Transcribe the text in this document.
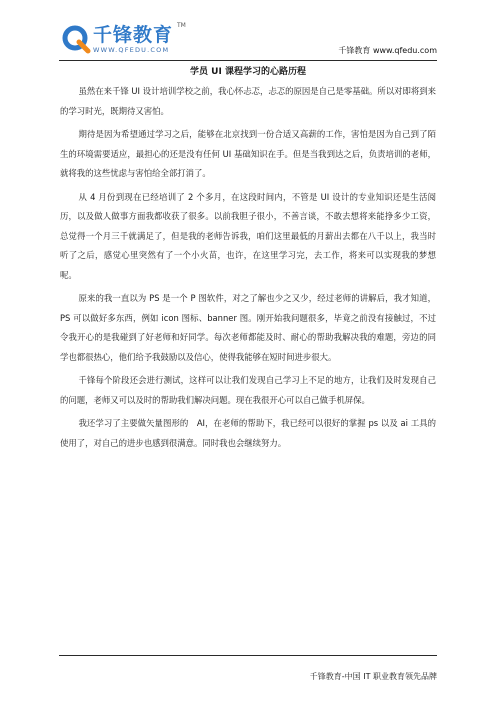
千锋教育 TM
WWW.QFEDU.COM	千锋教育 www.qfedu.com
学员 UI 课程学习的心路历程

虽然在来千锋 UI 设计培训学校之前，我心怀忐忑，忐忑的原因是自己是零基础。所以对即将到来的学习时光，既期待又害怕。

期待是因为希望通过学习之后，能够在北京找到一份合适又高薪的工作，害怕是因为自己到了陌生的环境需要适应，最担心的还是没有任何 UI 基础知识在手。但是当我到达之后，负责培训的老师，就将我的这些忧虑与害怕给全部打消了。

从 4 月份到现在已经培训了 2 个多月，在这段时间内，不管是 UI 设计的专业知识还是生活阅历，以及做人做事方面我都收获了很多。以前我胆子很小，不善言谈，不敢去想将来能挣多少工资，总觉得一个月三千就满足了，但是我的老师告诉我，咱们这里最低的月薪出去都在八千以上，我当时听了之后，感觉心里突然有了一个小火苗，也许，在这里学习完，去工作，将来可以实现我的梦想呢。

原来的我一直以为 PS 是一个 P 图软件，对之了解也少之又少，经过老师的讲解后，我才知道，PS 可以做好多东西，例如 icon 图标、banner 图。刚开始我问题很多，毕竟之前没有接触过，不过令我开心的是我碰到了好老师和好同学。每次老师都能及时、耐心的帮助我解决我的难题，旁边的同学也都很热心，他们给予我鼓励以及信心，使得我能够在短时间进步很大。

千锋每个阶段还会进行测试，这样可以让我们发现自己学习上不足的地方，让我们及时发现自己的问题，老师又可以及时的帮助我们解决问题。现在我很开心可以自己做手机屏保。

我还学习了主要做矢量图形的　AI，在老师的帮助下，我已经可以很好的掌握 ps 以及 ai 工具的使用了，对自己的进步也感到很满意。同时我也会继续努力。

千锋教育-中国 IT 职业教育领先品牌
